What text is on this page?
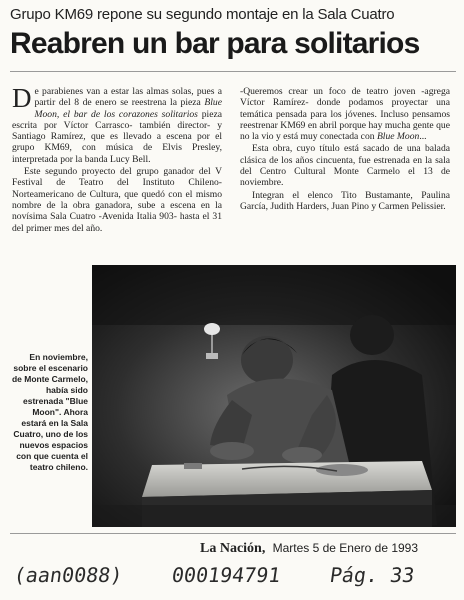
Grupo KM69 repone su segundo montaje en la Sala Cuatro
Reabren un bar para solitarios

De parabienes van a estar las almas solas, pues a partir del 8 de enero se reestrena la pieza Blue Moon, el bar de los corazones solitarios pieza escrita por Víctor Carrasco- también director- y Santiago Ramírez, que es llevado a escena por el grupo KM69, con música de Elvis Presley, interpretada por la banda Lucy Bell.

Este segundo proyecto del grupo ganador del V Festival de Teatro del Instituto Chileno-Norteamericano de Cultura, que quedó con el mismo nombre de la obra ganadora, sube a escena en la novísima Sala Cuatro -Avenida Italia 903- hasta el 31 del primer mes del año.

-Queremos crear un foco de teatro joven -agrega Víctor Ramírez- donde podamos proyectar una temática pensada para los jóvenes. Incluso pensamos reestrenar KM69 en abril porque hay mucha gente que no la vio y está muy conectada con Blue Moon...

Esta obra, cuyo título está sacado de una balada clásica de los años cincuenta, fue estrenada en la sala del Centro Cultural Monte Carmelo el 13 de noviembre.

Integran el elenco Tito Bustamante, Paulina García, Judith Harders, Juan Pino y Carmen Pelissier.

En noviembre, sobre el escenario de Monte Carmelo, había sido estrenada "Blue Moon". Ahora estará en la Sala Cuatro, uno de los nuevos espacios con que cuenta el teatro chileno.
La Nación, Martes 5 de Enero de 1993
(aan0088) 000194791 Pág. 33
